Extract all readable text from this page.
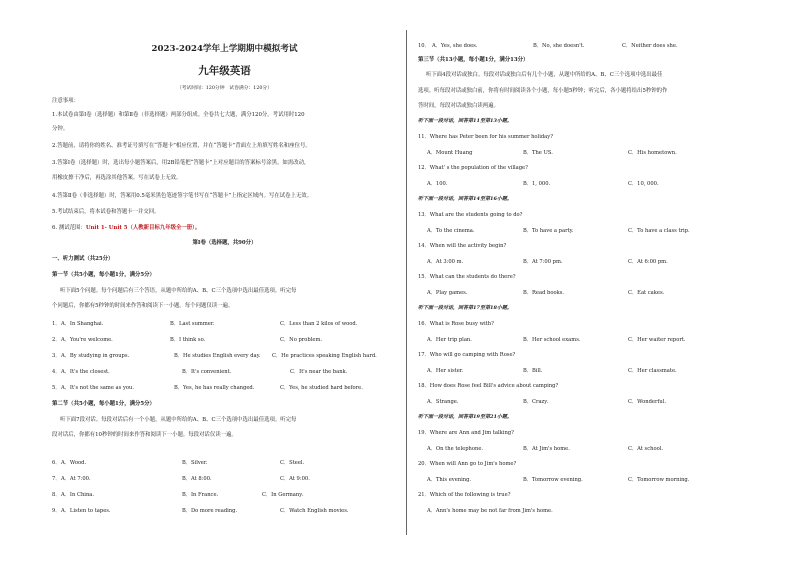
2023-2024学年上学期期中模拟考试
九年级英语
（考试时间：120分钟　试卷满分：120分）
注意事项：
1.本试卷由第Ⅰ卷（选择题）和第Ⅱ卷（非选择题）两部分组成。全卷共七大题，满分120分。考试用时120
分钟。
2.答题前，请将你的姓名、准考证号填写在“答题卡”相应位置，并在“答题卡”背面左上角填写姓名和座位号。
3.答第Ⅰ卷（选择题）时，选出每小题答案后，用2B铅笔把“答题卡”上对应题目的答案标号涂黑。如需改动，
用橡皮擦干净后，再选涂其他答案。写在试卷上无效。
4.答第Ⅱ卷（非选择题）时，答案用0.5毫米黑色笔迹签字笔书写在“答题卡”上指定区域内。写在试卷上无效。
5.考试结束后，将本试卷和答题卡一并交回。
6. 测试范围：Unit 1- Unit 5（人教新目标九年级全一册）。
第Ⅰ卷（选择题，共90分）
一、听力测试（共25分）
第一节（共5小题，每小题1分，满分5分）
听下面5个问题。每个问题后有三个答语，从题中所给的A、B、C三个选项中选出最佳选项。听完每
个问题后，你都有5秒钟的时间来作答和阅读下一小题。每个问题仅读一遍。
1． A．In Shanghai.	B．Last summer.	C．Less than 2 kilos of wood.
2． A．You're welcome.	B．I think so.	C．No problem.
3． A．By studying in groups.	B．He studies English every day. C．He practices speaking English hard.
4． A．It's the closest.	B．It's convenient.	C．It's near the bank.
5． A．It's not the same as you.	B．Yes, he has really changed.	C．Yes, he studied hard before.
第二节（共5小题，每小题1分，满分5分）
听下面7段对话。每段对话后有一个小题，从题中所给的A、B、C三个选项中选出最佳选项。听完每
段对话后，你都有10秒钟的时间来作答和阅读下一小题。每段对话仅读一遍。
6． A．Wood.	B．Silver.	C．Steel.
7． A．At 7:00.	B．At 8:00.	C．At 9:00.
8． A．In China.	B．In France.	C．In Germany.
9． A．Listen to tapes.	B．Do more reading.	C．Watch English movies.
10． A．Yes, she does.	B．No, she doesn't.	C．Neither does she.
第三节（共13小题，每小题1分，满分13分）
听下面4段对话或独白。每段对话或独白后有几个小题，从题中所给的A、B、C三个选项中选出最佳
选项。听每段对话或独白前，你将有时间阅读各个小题，每小题5秒钟；听完后，各小题将给出5秒钟的作
答时间，每段对话或独白读两遍。
听下面一段对话，回答第11至第13小题。
11．Where has Peter been for his summer holiday?
A．Mount Huang	B．The US.	C．His hometown.
12．What' s the population of the village?
A．100.	B．1, 000.	C．10, 000.
听下面一段对话，回答第14至第16小题。
13．What are the students going to do?
A．To the cinema.	B．To have a party.	C．To have a class trip.
14．When will the activity begin?
A．At 3:00 m.	B．At 7:00 pm.	C．At 6:00 pm.
15．What can the students do there?
A．Play games.	B．Read books.	C．Eat cakes.
听下面一段对话，回答第17至第18小题。
16．What is Rose busy with?
A．Her trip plan.	B．Her school exams.	C．Her waiter report.
17．Who will go camping with Rose?
A．Her sister.	B．Bill.	C．Her classmate.
18．How does Rose feel Bill's advice about camping?
A．Strange.	B．Crazy.	C．Wonderful.
听下面一段对话，回答第19至第21小题。
19．Where are Ann and Jim talking?
A．On the telephone.	B．At Jim's home.	C．At school.
20．When will Ann go to Jim's home?
A．This evening.	B．Tomorrow evening.	C．Tomorrow morning.
21．Which of the following is true?
A．Ann's home may be not far from Jim's home.
